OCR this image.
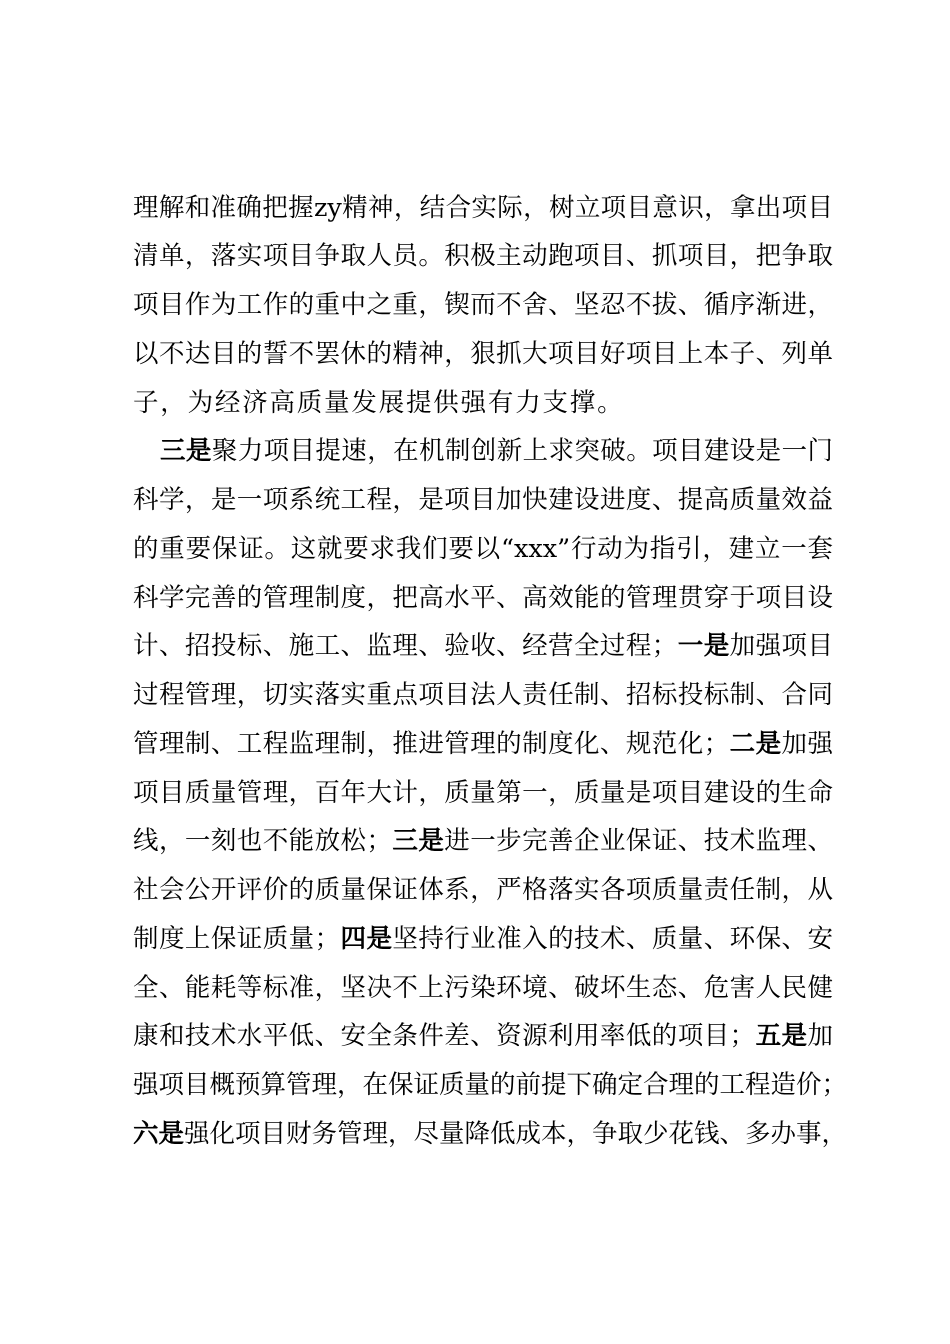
理解和准确把握zy精神，结合实际，树立项目意识，拿出项目
清单，落实项目争取人员。积极主动跑项目、抓项目，把争取
项目作为工作的重中之重，锲而不舍、坚忍不拔、循序渐进，
以不达目的誓不罢休的精神，狠抓大项目好项目上本子、列单
子，为经济高质量发展提供强有力支撑。
三是聚力项目提速，在机制创新上求突破。项目建设是一门
科学，是一项系统工程，是项目加快建设进度、提高质量效益
的重要保证。这就要求我们要以“xxx”行动为指引，建立一套
科学完善的管理制度，把高水平、高效能的管理贯穿于项目设
计、招投标、施工、监理、验收、经营全过程；一是加强项目
过程管理，切实落实重点项目法人责任制、招标投标制、合同
管理制、工程监理制，推进管理的制度化、规范化；二是加强
项目质量管理，百年大计，质量第一，质量是项目建设的生命
线，一刻也不能放松；三是进一步完善企业保证、技术监理、
社会公开评价的质量保证体系，严格落实各项质量责任制，从
制度上保证质量；四是坚持行业准入的技术、质量、环保、安
全、能耗等标准，坚决不上污染环境、破坏生态、危害人民健
康和技术水平低、安全条件差、资源利用率低的项目；五是加
强项目概预算管理，在保证质量的前提下确定合理的工程造价；
六是强化项目财务管理，尽量降低成本，争取少花钱、多办事，
